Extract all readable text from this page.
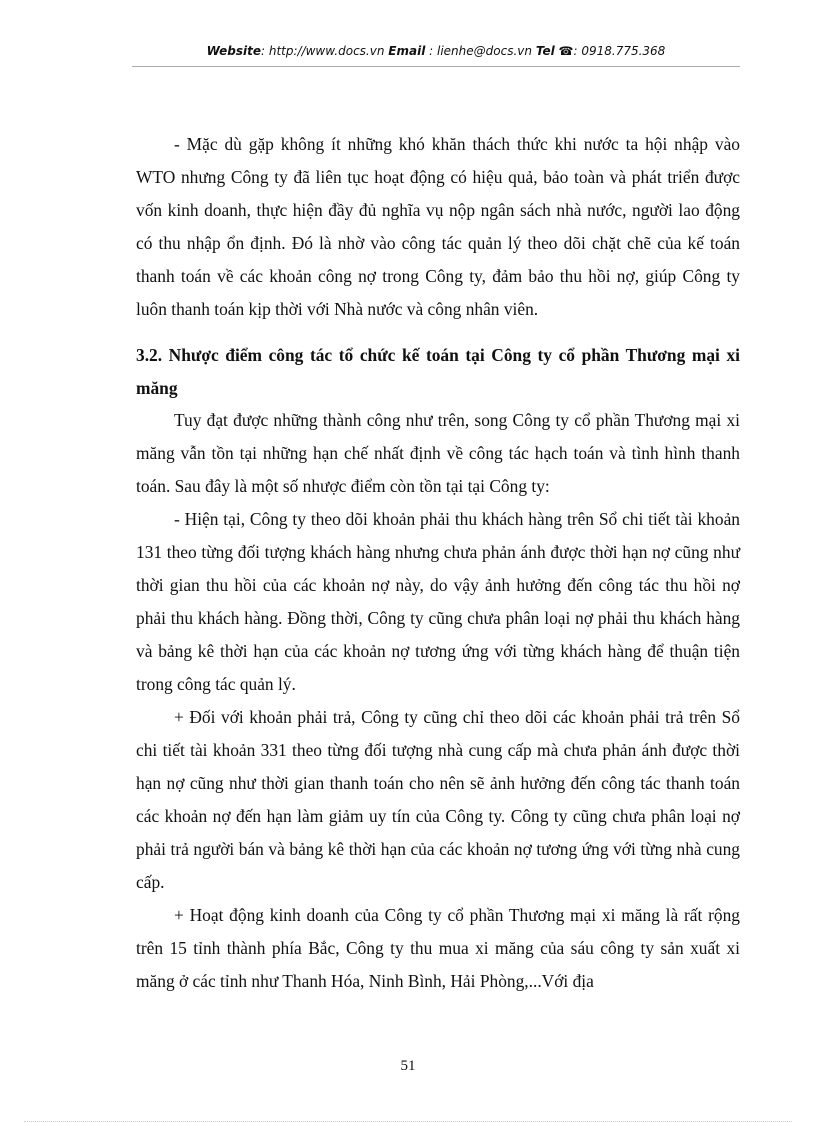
Website: http://www.docs.vn Email : lienhe@docs.vn Tel ☎: 0918.775.368

- Mặc dù gặp không ít những khó khăn thách thức khi nước ta hội nhập vào WTO nhưng Công ty đã liên tục hoạt động có hiệu quả, bảo toàn và phát triển được vốn kinh doanh, thực hiện đầy đủ nghĩa vụ nộp ngân sách nhà nước, người lao động có thu nhập ổn định. Đó là nhờ vào công tác quản lý theo dõi chặt chẽ của kế toán thanh toán về các khoản công nợ trong Công ty, đảm bảo thu hồi nợ, giúp Công ty luôn thanh toán kịp thời với Nhà nước và công nhân viên.

3.2. Nhược điểm công tác tổ chức kế toán tại Công ty cổ phần Thương mại xi măng

Tuy đạt được những thành công như trên, song Công ty cổ phần Thương mại xi măng vẫn tồn tại những hạn chế nhất định về công tác hạch toán và tình hình thanh toán. Sau đây là một số nhược điểm còn tồn tại tại Công ty:

- Hiện tại, Công ty theo dõi khoản phải thu khách hàng trên Sổ chi tiết tài khoản 131 theo từng đối tượng khách hàng nhưng chưa phản ánh được thời hạn nợ cũng như thời gian thu hồi của các khoản nợ này, do vậy ảnh hưởng đến công tác thu hồi nợ phải thu khách hàng. Đồng thời, Công ty cũng chưa phân loại nợ phải thu khách hàng và bảng kê thời hạn của các khoản nợ tương ứng với từng khách hàng để thuận tiện trong công tác quản lý.

+ Đối với khoản phải trả, Công ty cũng chỉ theo dõi các khoản phải trả trên Sổ chi tiết tài khoản 331 theo từng đối tượng nhà cung cấp mà chưa phản ánh được thời hạn nợ cũng như thời gian thanh toán cho nên sẽ ảnh hưởng đến công tác thanh toán các khoản nợ đến hạn làm giảm uy tín của Công ty. Công ty cũng chưa phân loại nợ phải trả người bán và bảng kê thời hạn của các khoản nợ tương ứng với từng nhà cung cấp.

+ Hoạt động kinh doanh của Công ty cổ phần Thương mại xi măng là rất rộng trên 15 tỉnh thành phía Bắc, Công ty thu mua xi măng của sáu công ty sản xuất xi măng ở các tỉnh như Thanh Hóa, Ninh Bình, Hải Phòng,...Với địa

51
